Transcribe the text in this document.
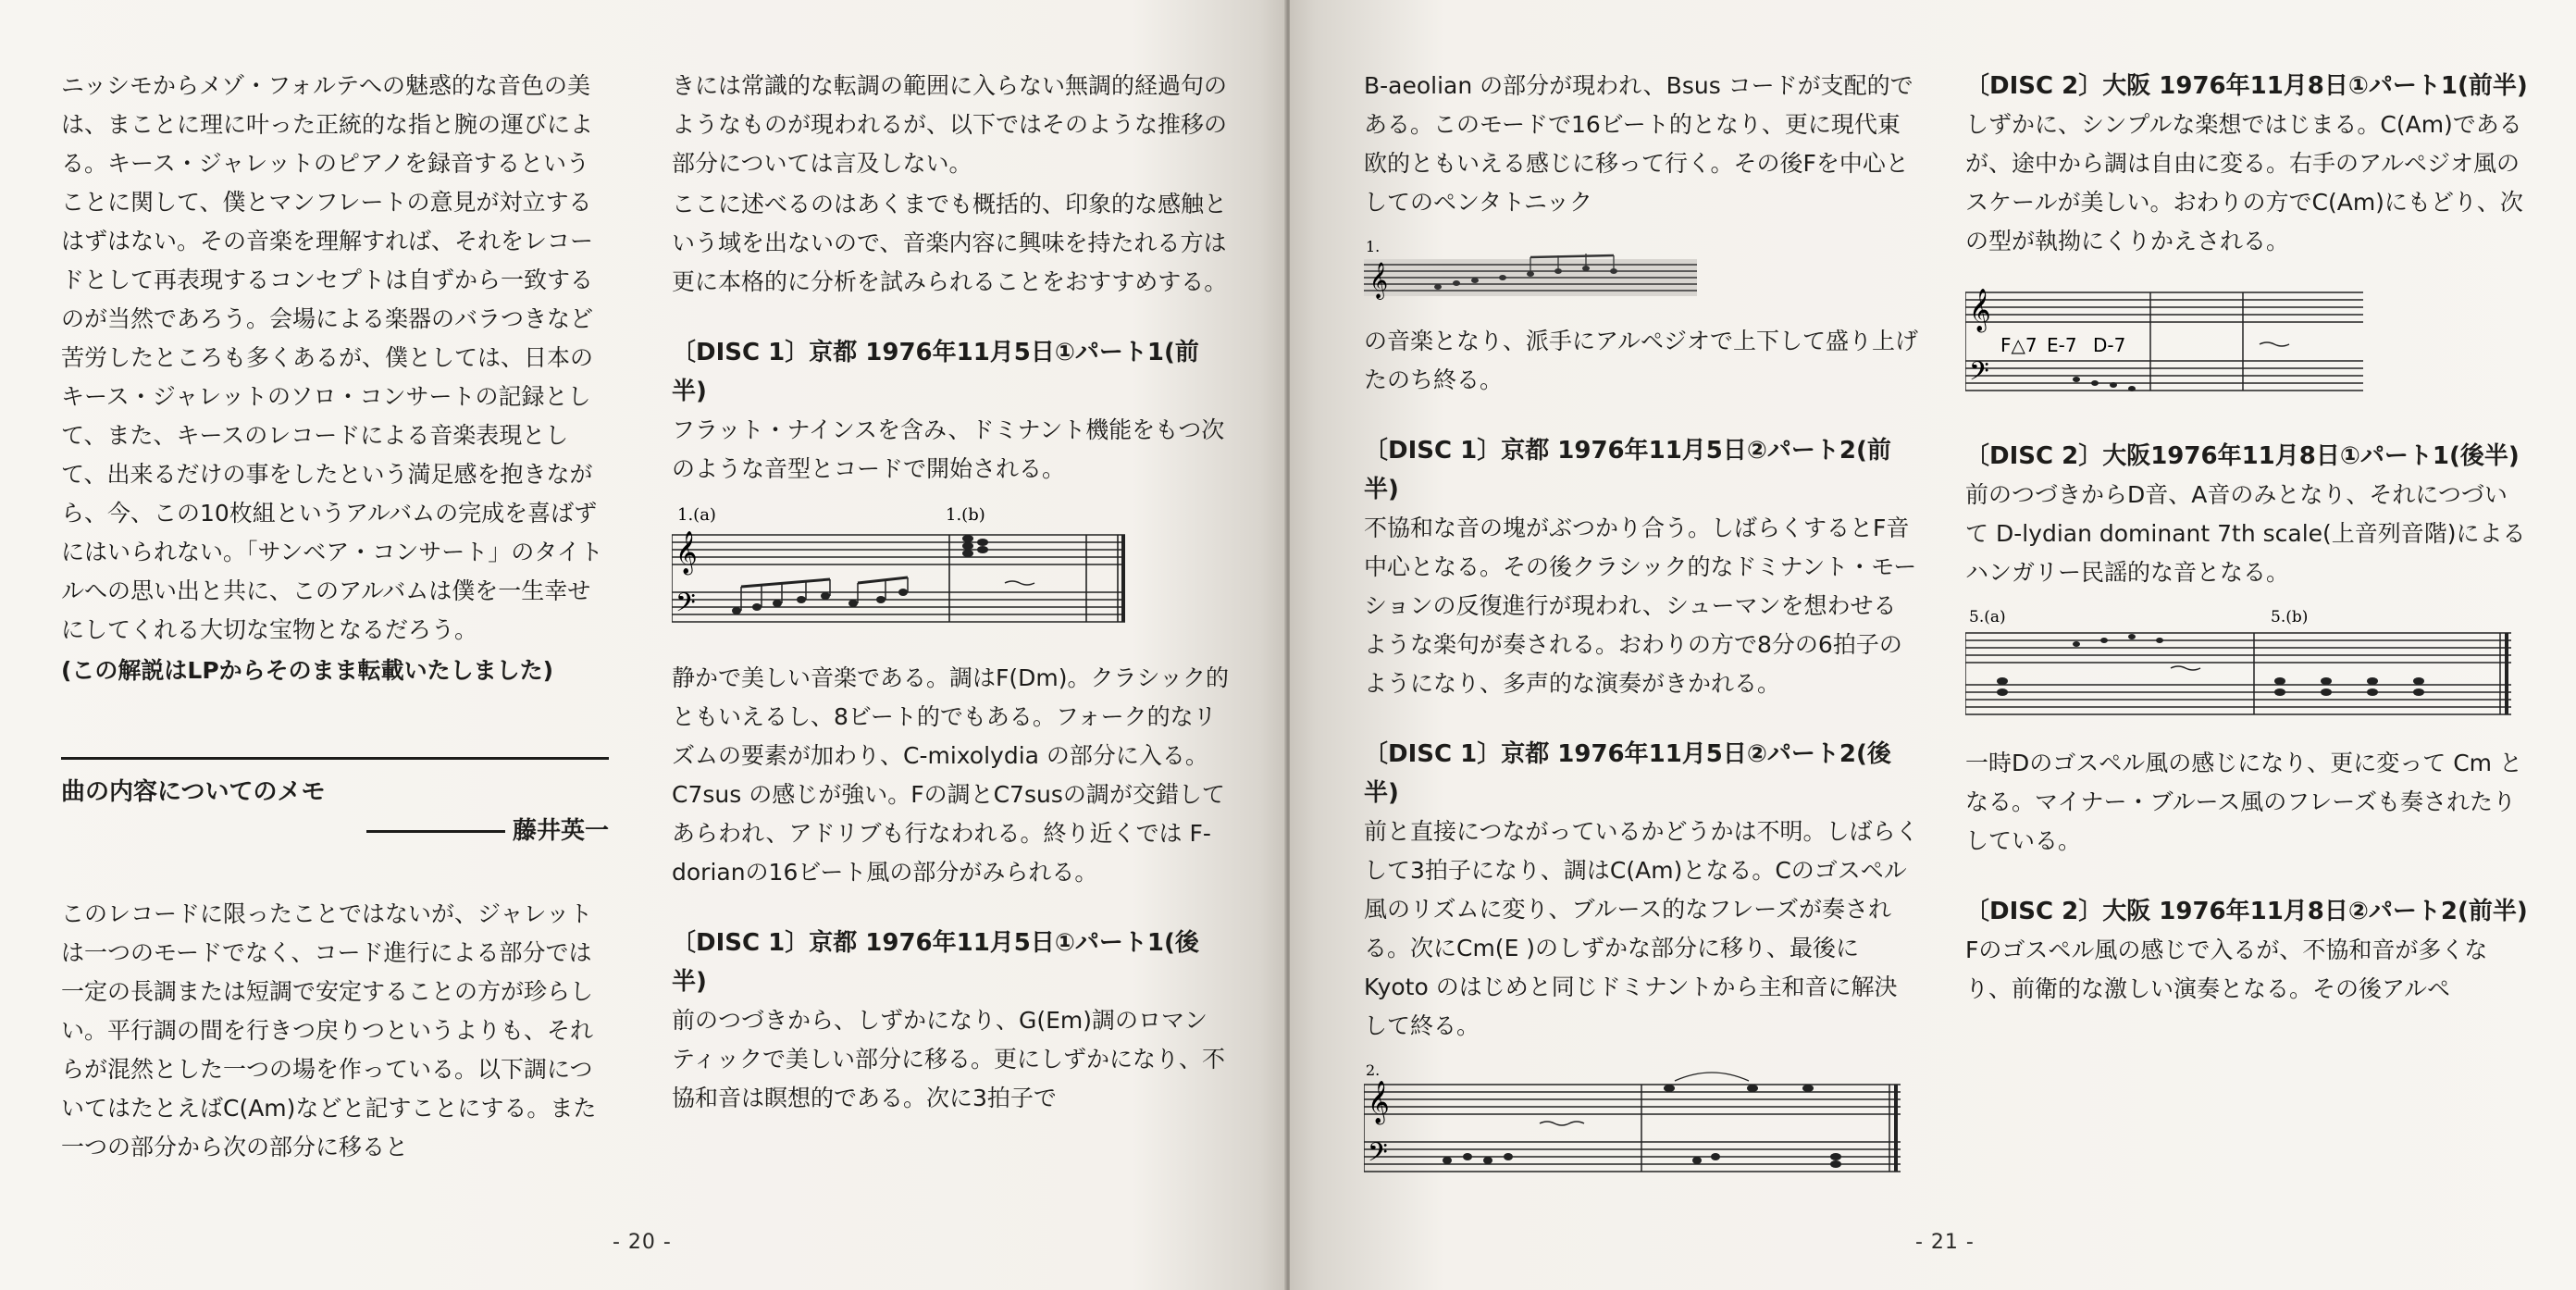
ニッシモからメゾ・フォルテへの魅惑的な音色の美は、まことに理に叶った正統的な指と腕の運びによる。キース・ジャレットのピアノを録音するということに関して、僕とマンフレートの意見が対立するはずはない。その音楽を理解すれば、それをレコードとして再表現するコンセプトは自ずから一致するのが当然であろう。会場による楽器のバラつきなど苦労したところも多くあるが、僕としては、日本のキース・ジャレットのソロ・コンサートの記録として、また、キースのレコードによる音楽表現として、出来るだけの事をしたという満足感を抱きながら、今、この10枚組というアルバムの完成を喜ばずにはいられない。「サンベア・コンサート」のタイトルへの思い出と共に、このアルバムは僕を一生幸せにしてくれる大切な宝物となるだろう。

(この解説はLPからそのまま転載いたしました)

曲の内容についてのメモ
藤井英一

このレコードに限ったことではないが、ジャレットは一つのモードでなく、コード進行による部分では一定の長調または短調で安定することの方が珍らしい。平行調の間を行きつ戻りつというよりも、それらが混然とした一つの場を作っている。以下調についてはたとえばC(Am)などと記すことにする。また一つの部分から次の部分に移ると

きには常識的な転調の範囲に入らない無調的経過句のようなものが現われるが、以下ではそのような推移の部分については言及しない。

ここに述べるのはあくまでも概括的、印象的な感触という域を出ないので、音楽内容に興味を持たれる方は更に本格的に分析を試みられることをおすすめする。

〔DISC 1〕京都 1976年11月5日①パート1(前半)

フラット・ナインスを含み、ドミナント機能をもつ次のような音型とコードで開始される。

1.(a)	1.(b)
𝄞
𝄢

静かで美しい音楽である。調はF(Dm)。クラシック的ともいえるし、8ビート的でもある。フォーク的なリズムの要素が加わり、C-mixolydia の部分に入る。C7sus の感じが強い。Fの調とC7susの調が交錯してあらわれ、アドリブも行なわれる。終り近くでは F-dorianの16ビート風の部分がみられる。

〔DISC 1〕京都 1976年11月5日①パート1(後半)

前のつづきから、しずかになり、G(Em)調のロマンティックで美しい部分に移る。更にしずかになり、不協和音は瞑想的である。次に3拍子で

- 20 -

B-aeolian の部分が現われ、Bsus コードが支配的である。このモードで16ビート的となり、更に現代東欧的ともいえる感じに移って行く。その後Fを中心としてのペンタトニック

1.
𝄞

の音楽となり、派手にアルペジオで上下して盛り上げたのち終る。

〔DISC 1〕京都 1976年11月5日②パート2(前半)

不協和な音の塊がぶつかり合う。しばらくするとF音中心となる。その後クラシック的なドミナント・モーションの反復進行が現われ、シューマンを想わせるような楽句が奏される。おわりの方で8分の6拍子のようになり、多声的な演奏がきかれる。

〔DISC 1〕京都 1976年11月5日②パート2(後半)

前と直接につながっているかどうかは不明。しばらくして3拍子になり、調はC(Am)となる。Cのゴスペル風のリズムに変り、ブルース的なフレーズが奏される。次にCm(E )のしずかな部分に移り、最後に Kyoto のはじめと同じドミナントから主和音に解決して終る。

2.
𝄞
𝄢
〔DISC 2〕大阪 1976年11月8日①パート1(前半)

しずかに、シンプルな楽想ではじまる。C(Am)であるが、途中から調は自由に変る。右手のアルペジオ風のスケールが美しい。おわりの方でC(Am)にもどり、次の型が執拗にくりかえされる。

𝄞
𝄢
F△7 E-7 D-7
〔DISC 2〕大阪1976年11月8日①パート1(後半)

前のつづきからD音、A音のみとなり、それにつづいて D-lydian dominant 7th scale(上音列音階)によるハンガリー民謡的な音となる。

5.(a)	5.(b)

一時Dのゴスペル風の感じになり、更に変って Cm となる。マイナー・ブルース風のフレーズも奏されたりしている。

〔DISC 2〕大阪 1976年11月8日②パート2(前半)

Fのゴスペル風の感じで入るが、不協和音が多くなり、前衛的な激しい演奏となる。その後アルペ

- 21 -
